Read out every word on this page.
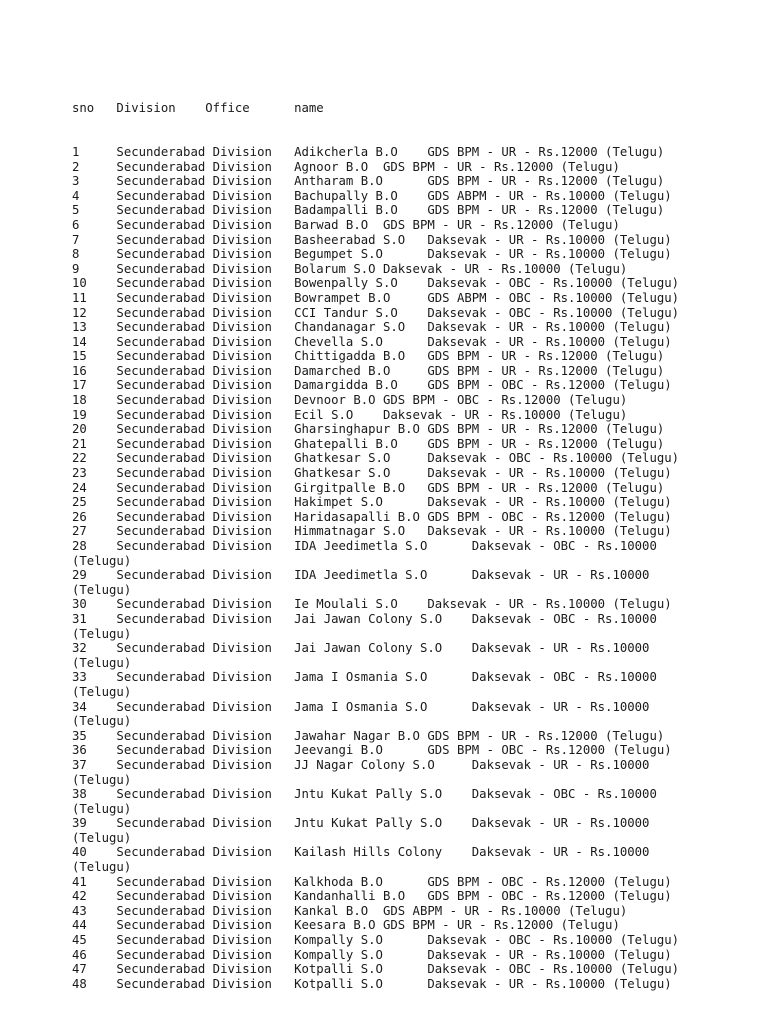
sno   Division    Office      name

1     Secunderabad Division   Adikcherla B.O    GDS BPM - UR - Rs.12000 (Telugu)
2     Secunderabad Division   Agnoor B.O  GDS BPM - UR - Rs.12000 (Telugu)
3     Secunderabad Division   Antharam B.O      GDS BPM - UR - Rs.12000 (Telugu)
4     Secunderabad Division   Bachupally B.O    GDS ABPM - UR - Rs.10000 (Telugu)
5     Secunderabad Division   Badampalli B.O    GDS BPM - UR - Rs.12000 (Telugu)
6     Secunderabad Division   Barwad B.O  GDS BPM - UR - Rs.12000 (Telugu)
7     Secunderabad Division   Basheerabad S.O   Daksevak - UR - Rs.10000 (Telugu)
8     Secunderabad Division   Begumpet S.O      Daksevak - UR - Rs.10000 (Telugu)
9     Secunderabad Division   Bolarum S.O Daksevak - UR - Rs.10000 (Telugu)
10    Secunderabad Division   Bowenpally S.O    Daksevak - OBC - Rs.10000 (Telugu)
11    Secunderabad Division   Bowrampet B.O     GDS ABPM - OBC - Rs.10000 (Telugu)
12    Secunderabad Division   CCI Tandur S.O    Daksevak - OBC - Rs.10000 (Telugu)
13    Secunderabad Division   Chandanagar S.O   Daksevak - UR - Rs.10000 (Telugu)
14    Secunderabad Division   Chevella S.O      Daksevak - UR - Rs.10000 (Telugu)
15    Secunderabad Division   Chittigadda B.O   GDS BPM - UR - Rs.12000 (Telugu)
16    Secunderabad Division   Damarched B.O     GDS BPM - UR - Rs.12000 (Telugu)
17    Secunderabad Division   Damargidda B.O    GDS BPM - OBC - Rs.12000 (Telugu)
18    Secunderabad Division   Devnoor B.O GDS BPM - OBC - Rs.12000 (Telugu)
19    Secunderabad Division   Ecil S.O    Daksevak - UR - Rs.10000 (Telugu)
20    Secunderabad Division   Gharsinghapur B.O GDS BPM - UR - Rs.12000 (Telugu)
21    Secunderabad Division   Ghatepalli B.O    GDS BPM - UR - Rs.12000 (Telugu)
22    Secunderabad Division   Ghatkesar S.O     Daksevak - OBC - Rs.10000 (Telugu)
23    Secunderabad Division   Ghatkesar S.O     Daksevak - UR - Rs.10000 (Telugu)
24    Secunderabad Division   Girgitpalle B.O   GDS BPM - UR - Rs.12000 (Telugu)
25    Secunderabad Division   Hakimpet S.O      Daksevak - UR - Rs.10000 (Telugu)
26    Secunderabad Division   Haridasapalli B.O GDS BPM - OBC - Rs.12000 (Telugu)
27    Secunderabad Division   Himmatnagar S.O   Daksevak - UR - Rs.10000 (Telugu)
28    Secunderabad Division   IDA Jeedimetla S.O      Daksevak - OBC - Rs.10000
(Telugu)
29    Secunderabad Division   IDA Jeedimetla S.O      Daksevak - UR - Rs.10000
(Telugu)
30    Secunderabad Division   Ie Moulali S.O    Daksevak - UR - Rs.10000 (Telugu)
31    Secunderabad Division   Jai Jawan Colony S.O    Daksevak - OBC - Rs.10000
(Telugu)
32    Secunderabad Division   Jai Jawan Colony S.O    Daksevak - UR - Rs.10000
(Telugu)
33    Secunderabad Division   Jama I Osmania S.O      Daksevak - OBC - Rs.10000
(Telugu)
34    Secunderabad Division   Jama I Osmania S.O      Daksevak - UR - Rs.10000
(Telugu)
35    Secunderabad Division   Jawahar Nagar B.O GDS BPM - UR - Rs.12000 (Telugu)
36    Secunderabad Division   Jeevangi B.O      GDS BPM - OBC - Rs.12000 (Telugu)
37    Secunderabad Division   JJ Nagar Colony S.O     Daksevak - UR - Rs.10000
(Telugu)
38    Secunderabad Division   Jntu Kukat Pally S.O    Daksevak - OBC - Rs.10000
(Telugu)
39    Secunderabad Division   Jntu Kukat Pally S.O    Daksevak - UR - Rs.10000
(Telugu)
40    Secunderabad Division   Kailash Hills Colony    Daksevak - UR - Rs.10000
(Telugu)
41    Secunderabad Division   Kalkhoda B.O      GDS BPM - OBC - Rs.12000 (Telugu)
42    Secunderabad Division   Kandanhalli B.O   GDS BPM - OBC - Rs.12000 (Telugu)
43    Secunderabad Division   Kankal B.O  GDS ABPM - UR - Rs.10000 (Telugu)
44    Secunderabad Division   Keesara B.O GDS BPM - UR - Rs.12000 (Telugu)
45    Secunderabad Division   Kompally S.O      Daksevak - OBC - Rs.10000 (Telugu)
46    Secunderabad Division   Kompally S.O      Daksevak - UR - Rs.10000 (Telugu)
47    Secunderabad Division   Kotpalli S.O      Daksevak - OBC - Rs.10000 (Telugu)
48    Secunderabad Division   Kotpalli S.O      Daksevak - UR - Rs.10000 (Telugu)
